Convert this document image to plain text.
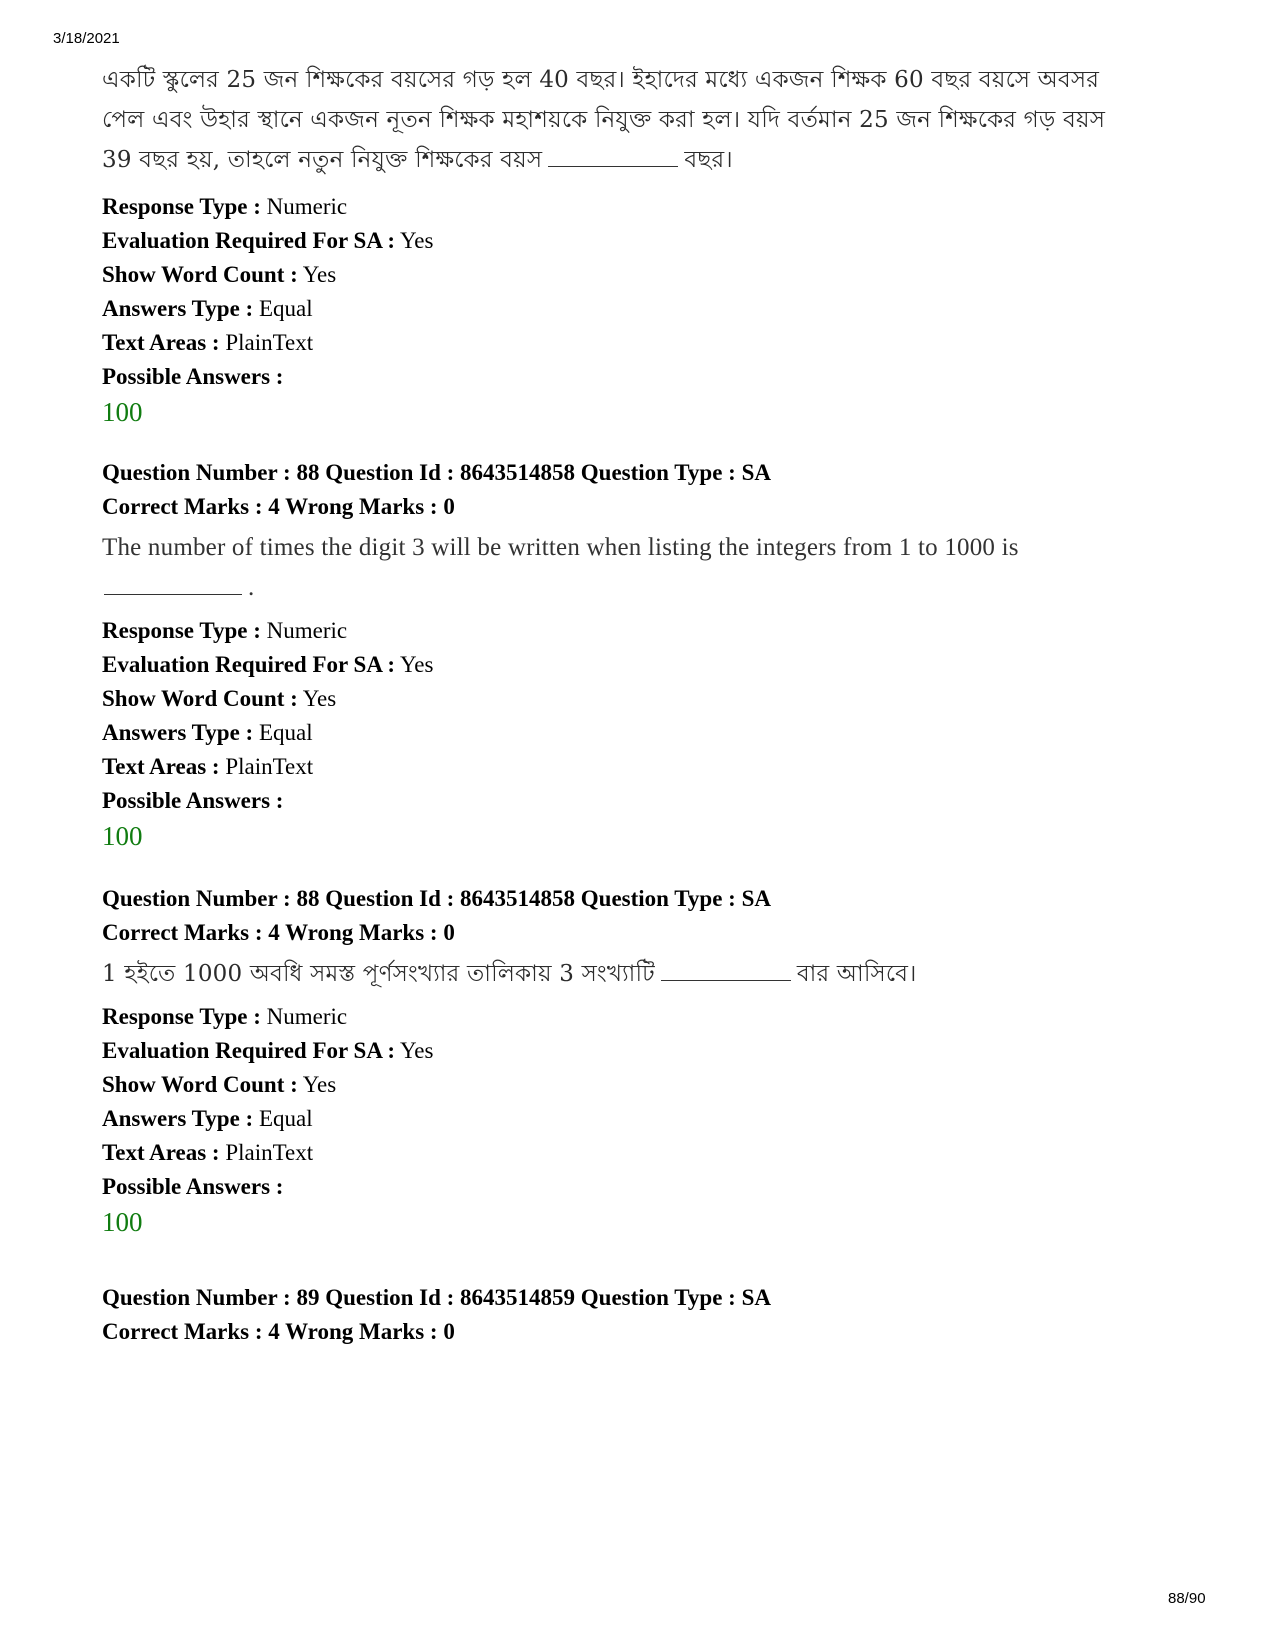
3/18/2021
একটি স্কুলের 25 জন শিক্ষকের বয়সের গড় হল 40 বছর। ইহাদের মধ্যে একজন শিক্ষক 60 বছর বয়সে অবসর
পেল এবং উহার স্থানে একজন নূতন শিক্ষক মহাশয়কে নিযুক্ত করা হল। যদি বর্তমান 25 জন শিক্ষকের গড় বয়স
39 বছর হয়, তাহলে নতুন নিযুক্ত শিক্ষকের বয়স	বছর।
Response Type : Numeric
Evaluation Required For SA : Yes
Show Word Count : Yes
Answers Type : Equal
Text Areas : PlainText
Possible Answers :
100
Question Number : 88 Question Id : 8643514858 Question Type : SA
Correct Marks : 4 Wrong Marks : 0
The number of times the digit 3 will be written when listing the integers from 1 to 1000 is
.
Response Type : Numeric
Evaluation Required For SA : Yes
Show Word Count : Yes
Answers Type : Equal
Text Areas : PlainText
Possible Answers :
100
Question Number : 88 Question Id : 8643514858 Question Type : SA
Correct Marks : 4 Wrong Marks : 0
1 হইতে 1000 অবধি সমস্ত পূর্ণসংখ্যার তালিকায় 3 সংখ্যাটি	বার আসিবে।
Response Type : Numeric
Evaluation Required For SA : Yes
Show Word Count : Yes
Answers Type : Equal
Text Areas : PlainText
Possible Answers :
100
Question Number : 89 Question Id : 8643514859 Question Type : SA
Correct Marks : 4 Wrong Marks : 0
88/90
